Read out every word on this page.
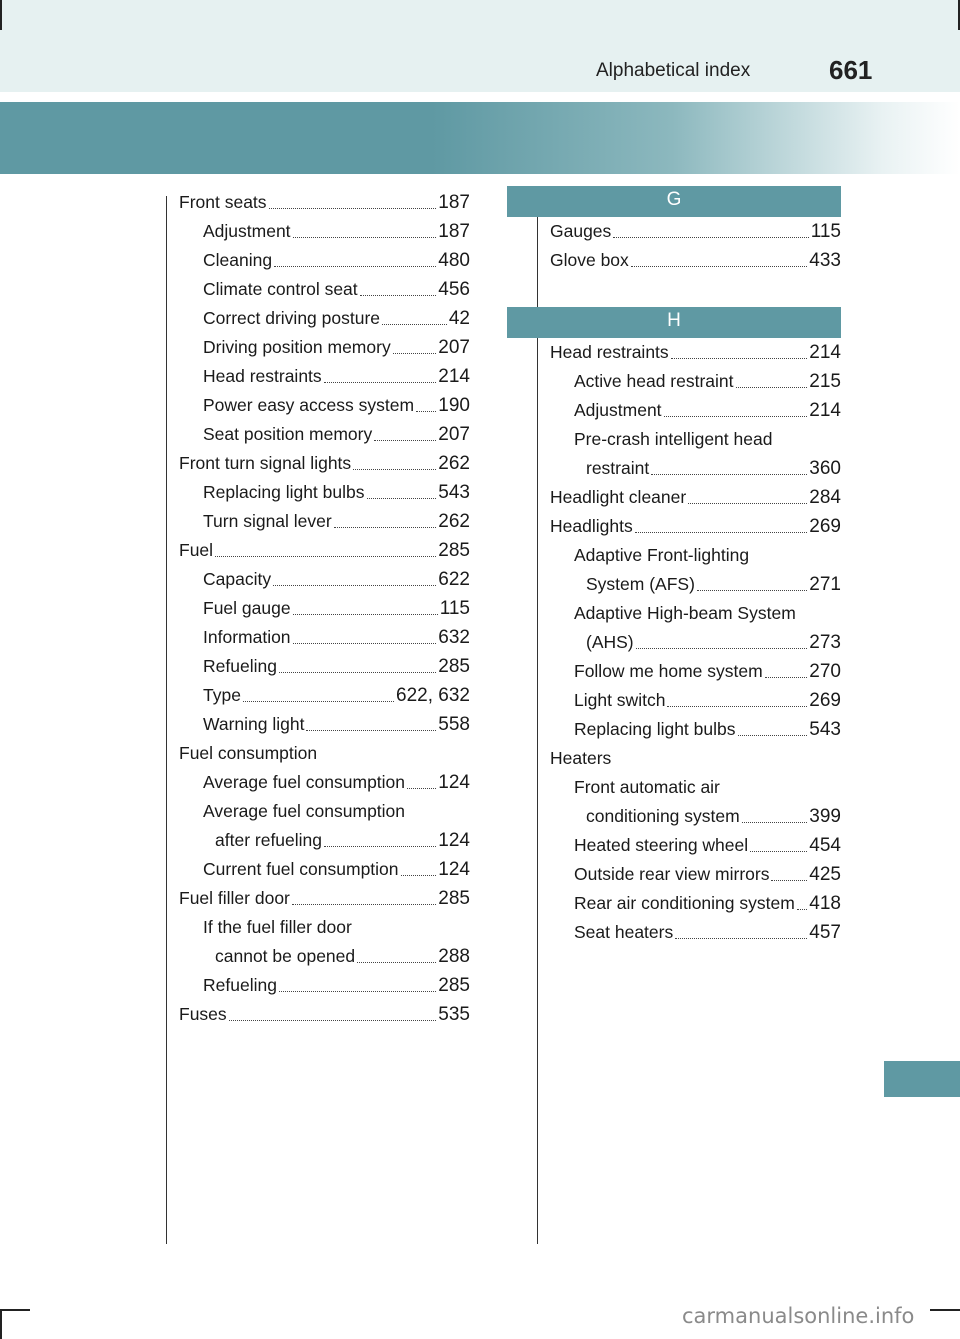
Alphabetical index	661
Front seats	187
Adjustment	187
Cleaning	480
Climate control seat	456
Correct driving posture	42
Driving position memory	207
Head restraints	214
Power easy access system 190
Seat position memory	207
Front turn signal lights	262
Replacing light bulbs	543
Turn signal lever	262
Fuel	285
Capacity	622
Fuel gauge	115
Information	632
Refueling	285
Type	622, 632
Warning light	558
Fuel consumption
Average fuel consumption 124
Average fuel consumption
after refueling	124
Current fuel consumption 124
Fuel filler door	285
If the fuel filler door
cannot be opened	288
Refueling	285
Fuses	535
G
Gauges	115
Glove box	433
H
Head restraints	214
Active head restraint	215
Adjustment	214
Pre-crash intelligent head
restraint	360
Headlight cleaner	284
Headlights	269
Adaptive Front-lighting
System (AFS)	271
Adaptive High-beam System
(AHS)	273
Follow me home system 270
Light switch	269
Replacing light bulbs	543
Heaters
Front automatic air
conditioning system	399
Heated steering wheel	454
Outside rear view mirrors 425
Rear air conditioning system 418
Seat heaters	457
carmanualsonline.info
